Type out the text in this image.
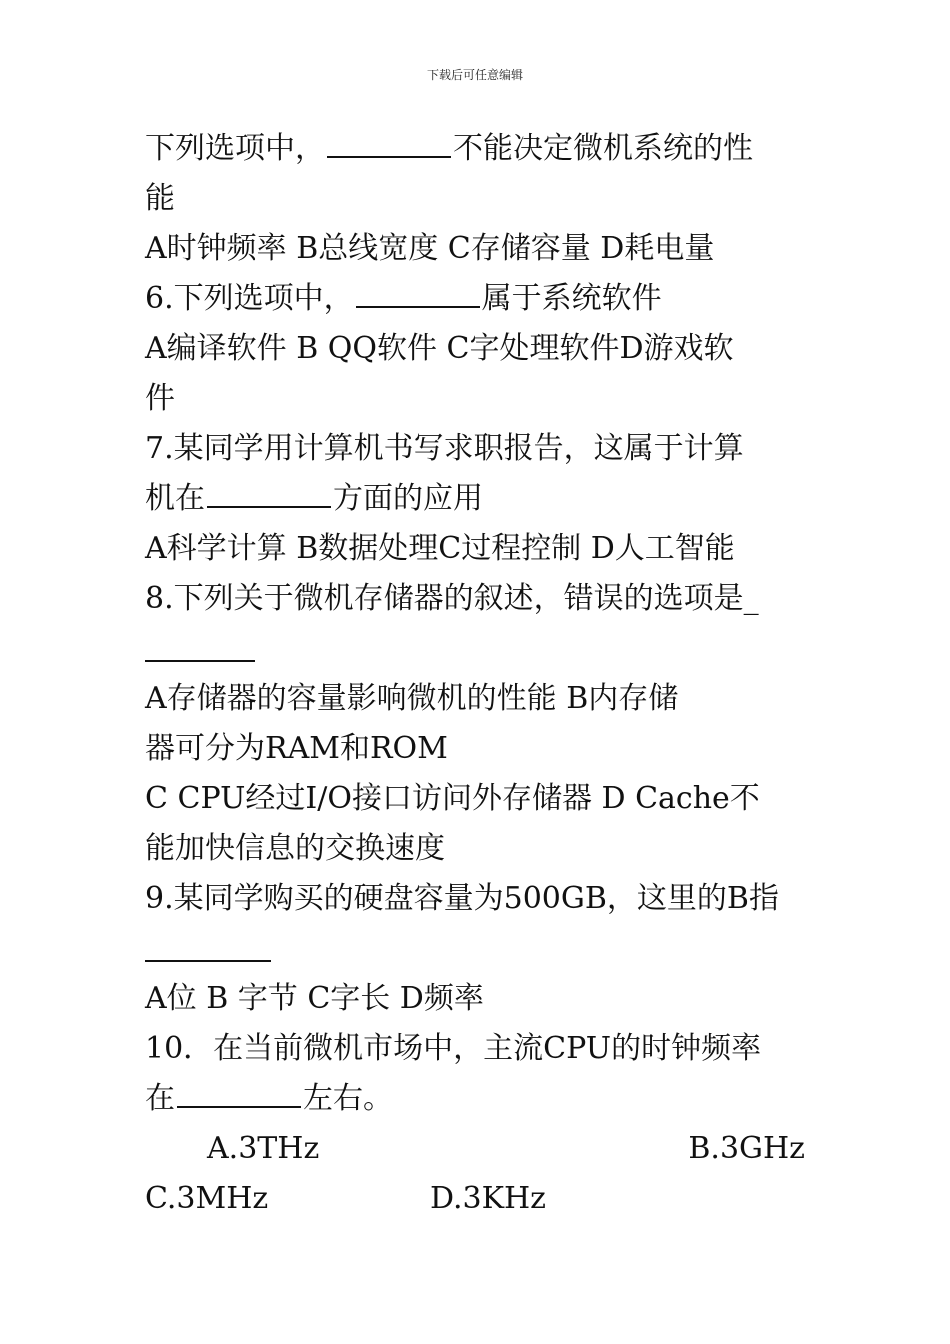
下载后可任意编辑
下列选项中，	不能决定微机系统的性
能
A时钟频率 B总线宽度 C存储容量 D耗电量
6.下列选项中，	属于系统软件
A编译软件 B QQ软件 C字处理软件D游戏软
件
7.某同学用计算机书写求职报告，这属于计算
机在	方面的应用
A科学计算 B数据处理C过程控制 D人工智能
8.下列关于微机存储器的叙述，错误的选项是_
A存储器的容量影响微机的性能 B内存储
器可分为RAM和ROM
C CPU经过I/O接口访问外存储器 D Cache不
能加快信息的交换速度
9.某同学购买的硬盘容量为500GB，这里的B指
A位 B 字节 C字长 D频率
10．在当前微机市场中，主流CPU的时钟频率
在	左右。
A.3THz	B.3GHz
C.3MHz	D.3KHz
